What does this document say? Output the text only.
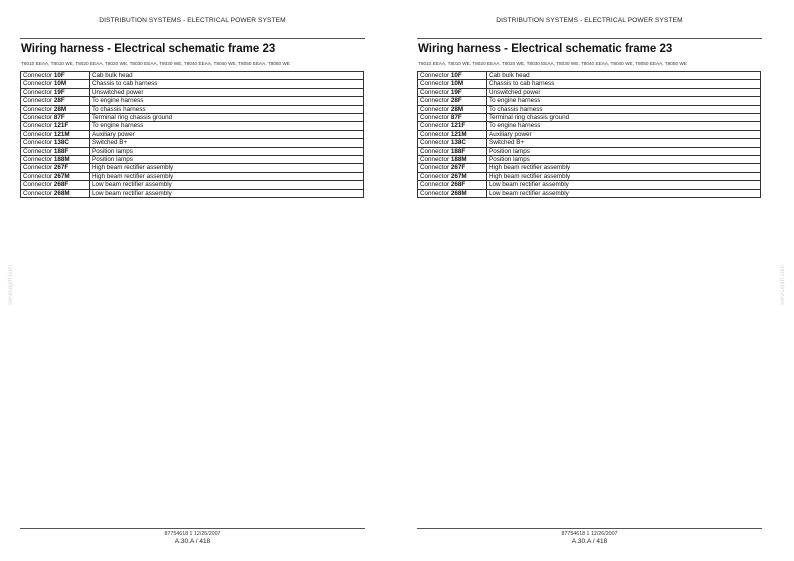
servicepdf.com	servicepdf.com
DISTRIBUTION SYSTEMS - ELECTRICAL POWER SYSTEM
Wiring harness - Electrical schematic frame 23
T8010 EEAA, T8010 WE, T8020 EEAA, T8020 WE, T8030 EEAA, T8030 WE, T8040 EEAA, T8040 WE, T8050 EEAA, T8050 WE
Connector 10F	Cab bulk head
Connector 10M	Chassis to cab harness
Connector 19F	Unswitched power
Connector 28F	To engine harness
Connector 28M	To chassis harness
Connector 87F	Terminal ring chassis ground
Connector 121F	To engine harness
Connector 121M	Auxiliary power
Connector 138C	Switched B+
Connector 188F	Position lamps
Connector 188M	Position lamps
Connector 267F	High beam rectifier assembly
Connector 267M	High beam rectifier assembly
Connector 268F	Low beam rectifier assembly
Connector 268M	Low beam rectifier assembly
87754618 1 12/26/2007
A.30.A / 418
DISTRIBUTION SYSTEMS - ELECTRICAL POWER SYSTEM
Wiring harness - Electrical schematic frame 23
T8010 EEAA, T8010 WE, T8020 EEAA, T8020 WE, T8030 EEAA, T8030 WE, T8040 EEAA, T8040 WE, T8050 EEAA, T8050 WE
Connector 10F	Cab bulk head
Connector 10M	Chassis to cab harness
Connector 19F	Unswitched power
Connector 28F	To engine harness
Connector 28M	To chassis harness
Connector 87F	Terminal ring chassis ground
Connector 121F	To engine harness
Connector 121M	Auxiliary power
Connector 138C	Switched B+
Connector 188F	Position lamps
Connector 188M	Position lamps
Connector 267F	High beam rectifier assembly
Connector 267M	High beam rectifier assembly
Connector 268F	Low beam rectifier assembly
Connector 268M	Low beam rectifier assembly
87754618 1 12/26/2007
A.30.A / 418
